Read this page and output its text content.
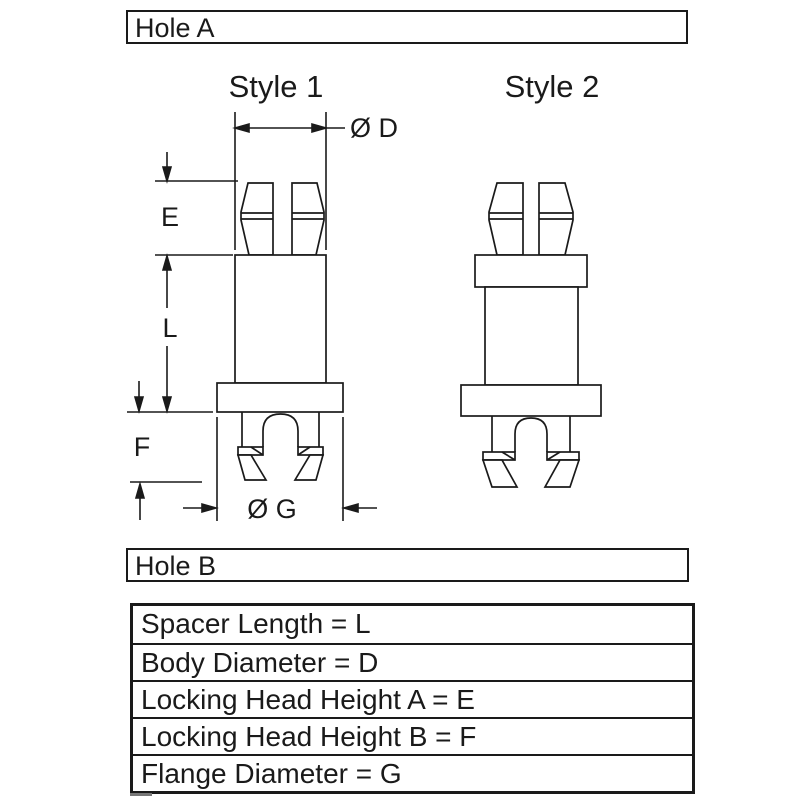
Hole A
Style 1	Style 2
Ø D
E
L
F
Ø G
Hole B
Spacer Length = L
Body Diameter = D
Locking Head Height A = E
Locking Head Height B = F
Flange Diameter = G
